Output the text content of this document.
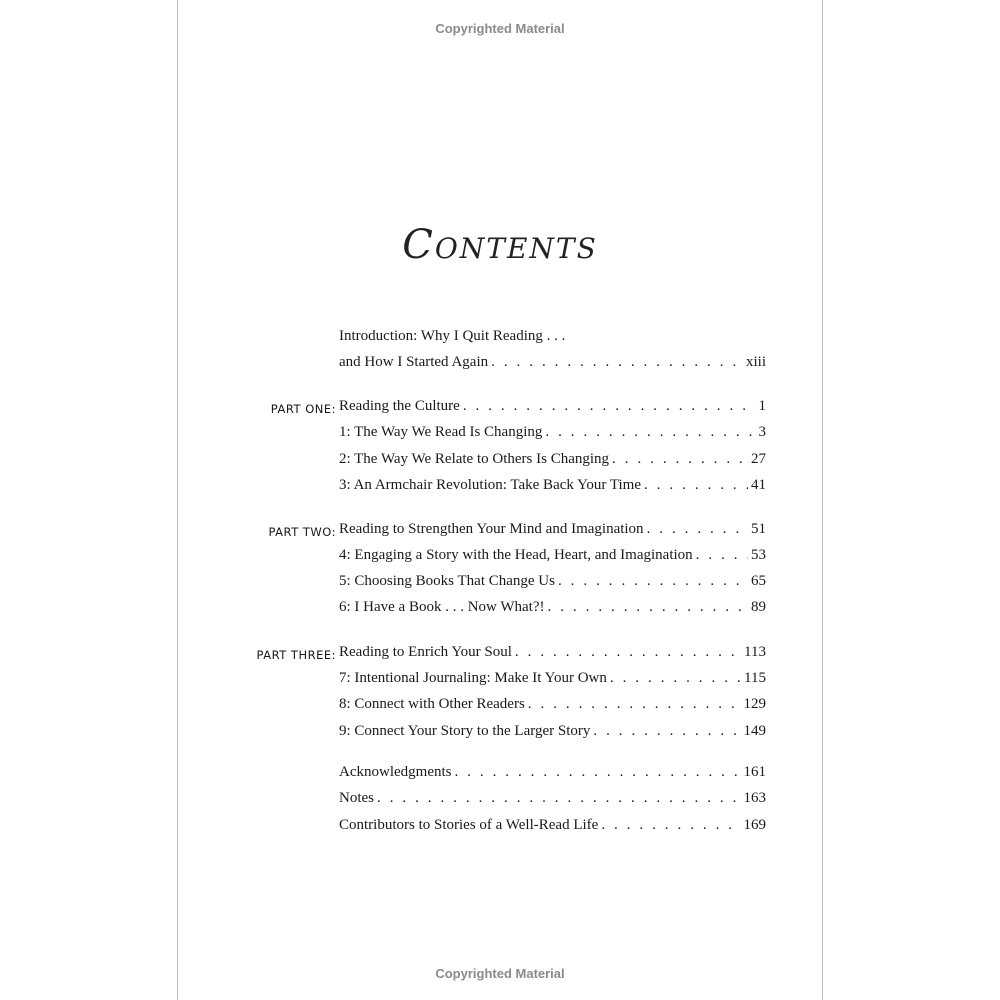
Copyrighted Material
Contents
Introduction: Why I Quit Reading . . .
and How I Started Again . . .	xiii
PART ONE: Reading the Culture . . .	1
1: The Way We Read Is Changing . . .	3
2: The Way We Relate to Others Is Changing . . .	27
3: An Armchair Revolution: Take Back Your Time . . .	41
PART TWO: Reading to Strengthen Your Mind and Imagination . . .	51
4: Engaging a Story with the Head, Heart, and Imagination . . .	53
5: Choosing Books That Change Us . . .	65
6: I Have a Book . . . Now What?! . . .	89
PART THREE: Reading to Enrich Your Soul . . .	113
7: Intentional Journaling: Make It Your Own . . .	115
8: Connect with Other Readers . . .	129
9: Connect Your Story to the Larger Story . . .	149
Acknowledgments . . .	161
Notes . . .	163
Contributors to Stories of a Well-Read Life . . .	169
Copyrighted Material
